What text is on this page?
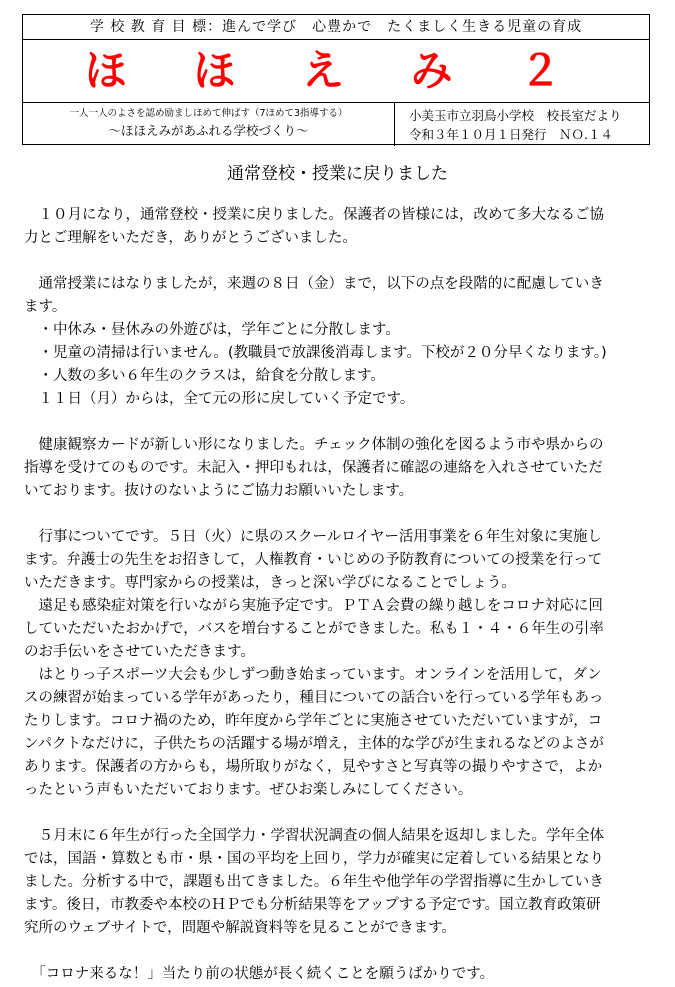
学 校 教 育 目 標：進んで学び　心豊かで　たくましく生きる児童の育成
ほ ほ え み ２
一人一人のよさを認め励ましほめて伸ばす（7ほめて3指導する）
～ほほえみがあふれる学校づくり～
小美玉市立羽鳥小学校　校長室だより
令和３年１０月１日発行　ＮＯ.１４
通常登校・授業に戻りました

　１０月になり，通常登校・授業に戻りました。保護者の皆様には，改めて多大なるご協

力とご理解をいただき，ありがとうございました。

　通常授業にはなりましたが，来週の８日（金）まで，以下の点を段階的に配慮していき

ます。

　・中休み・昼休みの外遊びは，学年ごとに分散します。

　・児童の清掃は行いません。(教職員で放課後消毒します。下校が２０分早くなります。)

　・人数の多い６年生のクラスは，給食を分散します。

　１１日（月）からは，全て元の形に戻していく予定です。

　健康観察カードが新しい形になりました。チェック体制の強化を図るよう市や県からの

指導を受けてのものです。未記入・押印もれは，保護者に確認の連絡を入れさせていただ

いております。抜けのないようにご協力お願いいたします。

　行事についてです。５日（火）に県のスクールロイヤー活用事業を６年生対象に実施し

ます。弁護士の先生をお招きして，人権教育・いじめの予防教育についての授業を行って

いただきます。専門家からの授業は，きっと深い学びになることでしょう。

　遠足も感染症対策を行いながら実施予定です。ＰＴＡ会費の繰り越しをコロナ対応に回

していただいたおかげで，バスを増台することができました。私も１・４・６年生の引率

のお手伝いをさせていただきます。

　はとりっ子スポーツ大会も少しずつ動き始まっています。オンラインを活用して，ダン

スの練習が始まっている学年があったり，種目についての話合いを行っている学年もあっ

たりします。コロナ禍のため，昨年度から学年ごとに実施させていただいていますが，コ

ンパクトなだけに，子供たちの活躍する場が増え，主体的な学びが生まれるなどのよさが

あります。保護者の方からも，場所取りがなく，見やすさと写真等の撮りやすさで，よか

ったという声もいただいております。ぜひお楽しみにしてください。

　５月末に６年生が行った全国学力・学習状況調査の個人結果を返却しました。学年全体

では，国語・算数とも市・県・国の平均を上回り，学力が確実に定着している結果となり

ました。分析する中で，課題も出てきました。６年生や他学年の学習指導に生かしていき

ます。後日，市教委や本校のＨＰでも分析結果等をアップする予定です。国立教育政策研

究所のウェブサイトで，問題や解説資料等を見ることができます。

　「コロナ来るな！」当たり前の状態が長く続くことを願うばかりです。
